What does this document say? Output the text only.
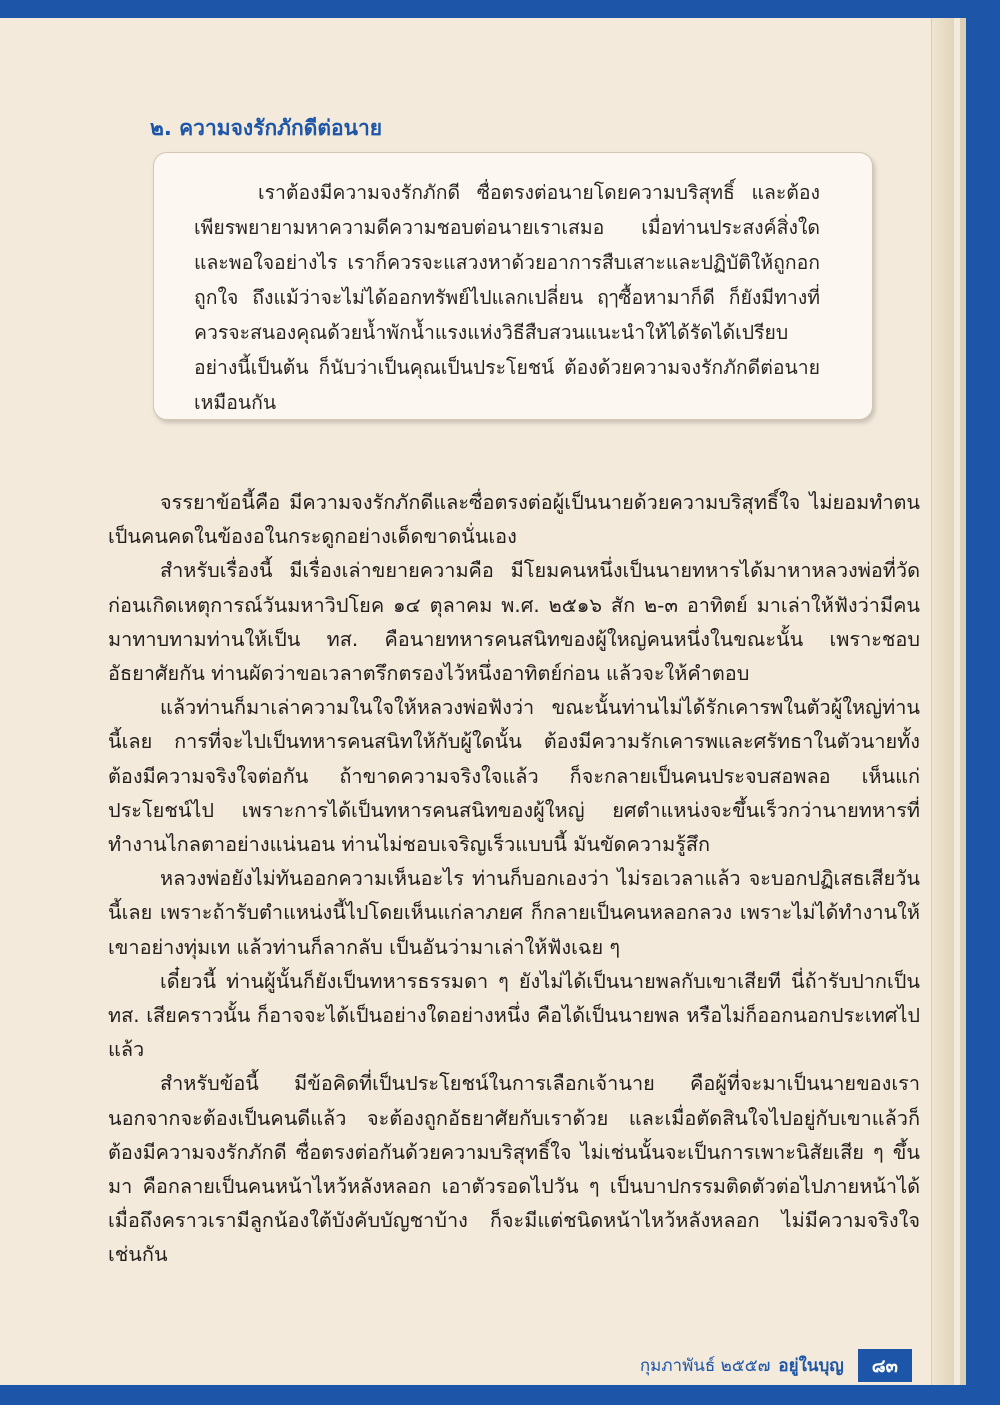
๒. ความจงรักภักดีต่อนาย

เราต้องมีความจงรักภักดี ซื่อตรงต่อนายโดยความบริสุทธิ์ และต้องเพียรพยายามหาความดีความชอบต่อนายเราเสมอ เมื่อท่านประสงค์สิ่งใดและพอใจอย่างไร เราก็ควรจะแสวงหาด้วยอาการสืบเสาะและปฏิบัติให้ถูกอกถูกใจ ถึงแม้ว่าจะไม่ได้ออกทรัพย์ไปแลกเปลี่ยน ฤๅซื้อหามาก็ดี ก็ยังมีทางที่ควรจะสนองคุณด้วยน้ำพักน้ำแรงแห่งวิธีสืบสวนแนะนำให้ได้รัดได้เปรียบ อย่างนี้เป็นต้น ก็นับว่าเป็นคุณเป็นประโยชน์ ต้องด้วยความจงรักภักดีต่อนายเหมือนกัน

จรรยาข้อนี้คือ มีความจงรักภักดีและซื่อตรงต่อผู้เป็นนายด้วยความบริสุทธิ์ใจ ไม่ยอมทำตนเป็นคนคดในข้องอในกระดูกอย่างเด็ดขาดนั่นเอง

สำหรับเรื่องนี้ มีเรื่องเล่าขยายความคือ มีโยมคนหนึ่งเป็นนายทหารได้มาหาหลวงพ่อที่วัดก่อนเกิดเหตุการณ์วันมหาวิปโยค ๑๔ ตุลาคม พ.ศ. ๒๕๑๖ สัก ๒-๓ อาทิตย์ มาเล่าให้ฟังว่ามีคนมาทาบทามท่านให้เป็น ทส. คือนายทหารคนสนิทของผู้ใหญ่คนหนึ่งในขณะนั้น เพราะชอบอัธยาศัยกัน ท่านผัดว่าขอเวลาตรึกตรองไว้หนึ่งอาทิตย์ก่อน แล้วจะให้คำตอบ

แล้วท่านก็มาเล่าความในใจให้หลวงพ่อฟังว่า ขณะนั้นท่านไม่ได้รักเคารพในตัวผู้ใหญ่ท่านนี้เลย การที่จะไปเป็นทหารคนสนิทให้กับผู้ใดนั้น ต้องมีความรักเคารพและศรัทธาในตัวนายทั้งต้องมีความจริงใจต่อกัน ถ้าขาดความจริงใจแล้ว ก็จะกลายเป็นคนประจบสอพลอ เห็นแก่ประโยชน์ไป เพราะการได้เป็นทหารคนสนิทของผู้ใหญ่ ยศตำแหน่งจะขึ้นเร็วกว่านายทหารที่ทำงานไกลตาอย่างแน่นอน ท่านไม่ชอบเจริญเร็วแบบนี้ มันขัดความรู้สึก

หลวงพ่อยังไม่ทันออกความเห็นอะไร ท่านก็บอกเองว่า ไม่รอเวลาแล้ว จะบอกปฏิเสธเสียวันนี้เลย เพราะถ้ารับตำแหน่งนี้ไปโดยเห็นแก่ลาภยศ ก็กลายเป็นคนหลอกลวง เพราะไม่ได้ทำงานให้เขาอย่างทุ่มเท แล้วท่านก็ลากลับ เป็นอันว่ามาเล่าให้ฟังเฉย ๆ

เดี๋ยวนี้ ท่านผู้นั้นก็ยังเป็นทหารธรรมดา ๆ ยังไม่ได้เป็นนายพลกับเขาเสียที นี่ถ้ารับปากเป็น ทส. เสียคราวนั้น ก็อาจจะได้เป็นอย่างใดอย่างหนึ่ง คือได้เป็นนายพล หรือไม่ก็ออกนอกประเทศไปแล้ว

สำหรับข้อนี้ มีข้อคิดที่เป็นประโยชน์ในการเลือกเจ้านาย คือผู้ที่จะมาเป็นนายของเรานอกจากจะต้องเป็นคนดีแล้ว จะต้องถูกอัธยาศัยกับเราด้วย และเมื่อตัดสินใจไปอยู่กับเขาแล้วก็ต้องมีความจงรักภักดี ซื่อตรงต่อกันด้วยความบริสุทธิ์ใจ ไม่เช่นนั้นจะเป็นการเพาะนิสัยเสีย ๆ ขึ้นมา คือกลายเป็นคนหน้าไหว้หลังหลอก เอาตัวรอดไปวัน ๆ เป็นบาปกรรมติดตัวต่อไปภายหน้าได้ เมื่อถึงคราวเรามีลูกน้องใต้บังคับบัญชาบ้าง ก็จะมีแต่ชนิดหน้าไหว้หลังหลอก ไม่มีความจริงใจเช่นกัน

กุมภาพันธ์ ๒๕๕๗ อยู่ในบุญ	๘๓
